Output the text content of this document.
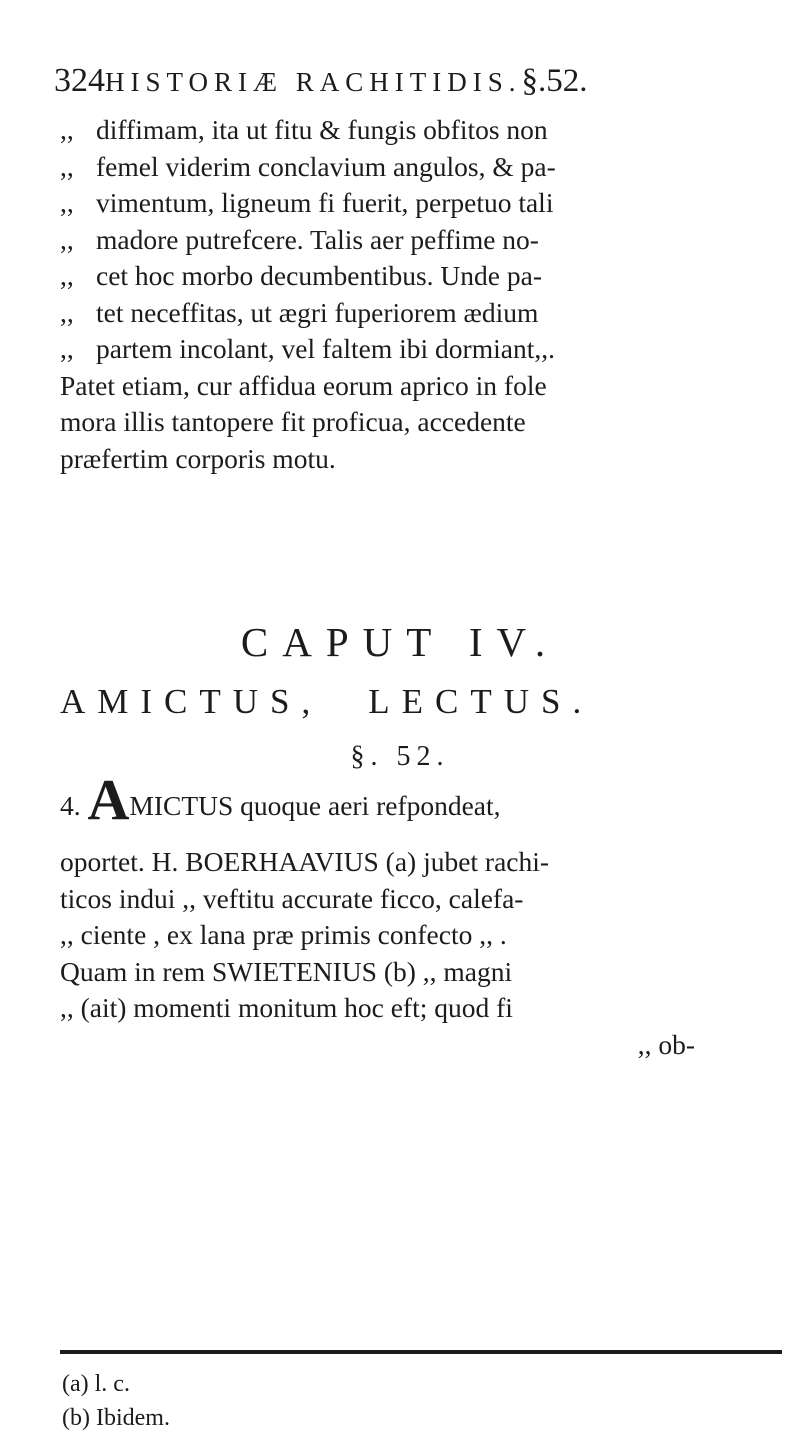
324HISTORIÆ RACHITIDIS.§.52.
,, diffimam, ita ut fitu & fungis obfitos non
,, femel viderim conclavium angulos, & pa-
,, vimentum, ligneum fi fuerit, perpetuo tali
,, madore putrefcere. Talis aer peffime no-
,, cet hoc morbo decumbentibus. Unde pa-
,, tet neceffitas, ut ægri fuperiorem ædium
,, partem incolant, vel faltem ibi dormiant,,.
Patet etiam, cur affidua eorum aprico in fole
mora illis tantopere fit proficua, accedente
præfertim corporis motu.
CAPUT IV.
AMICTUS, LECTUS.
§. 52.
4. AMICTUS quoque aeri refpondeat,
oportet. H. BOERHAAVIUS (a) jubet rachi-
ticos indui ,, veftitu accurate ficco, calefa-
,, ciente , ex lana præ primis confecto ,, .
Quam in rem SWIETENIUS (b) ,, magni
,, (ait) momenti monitum hoc eft; quod fi
,, ob-
(a) l. c.
(b) Ibidem.
